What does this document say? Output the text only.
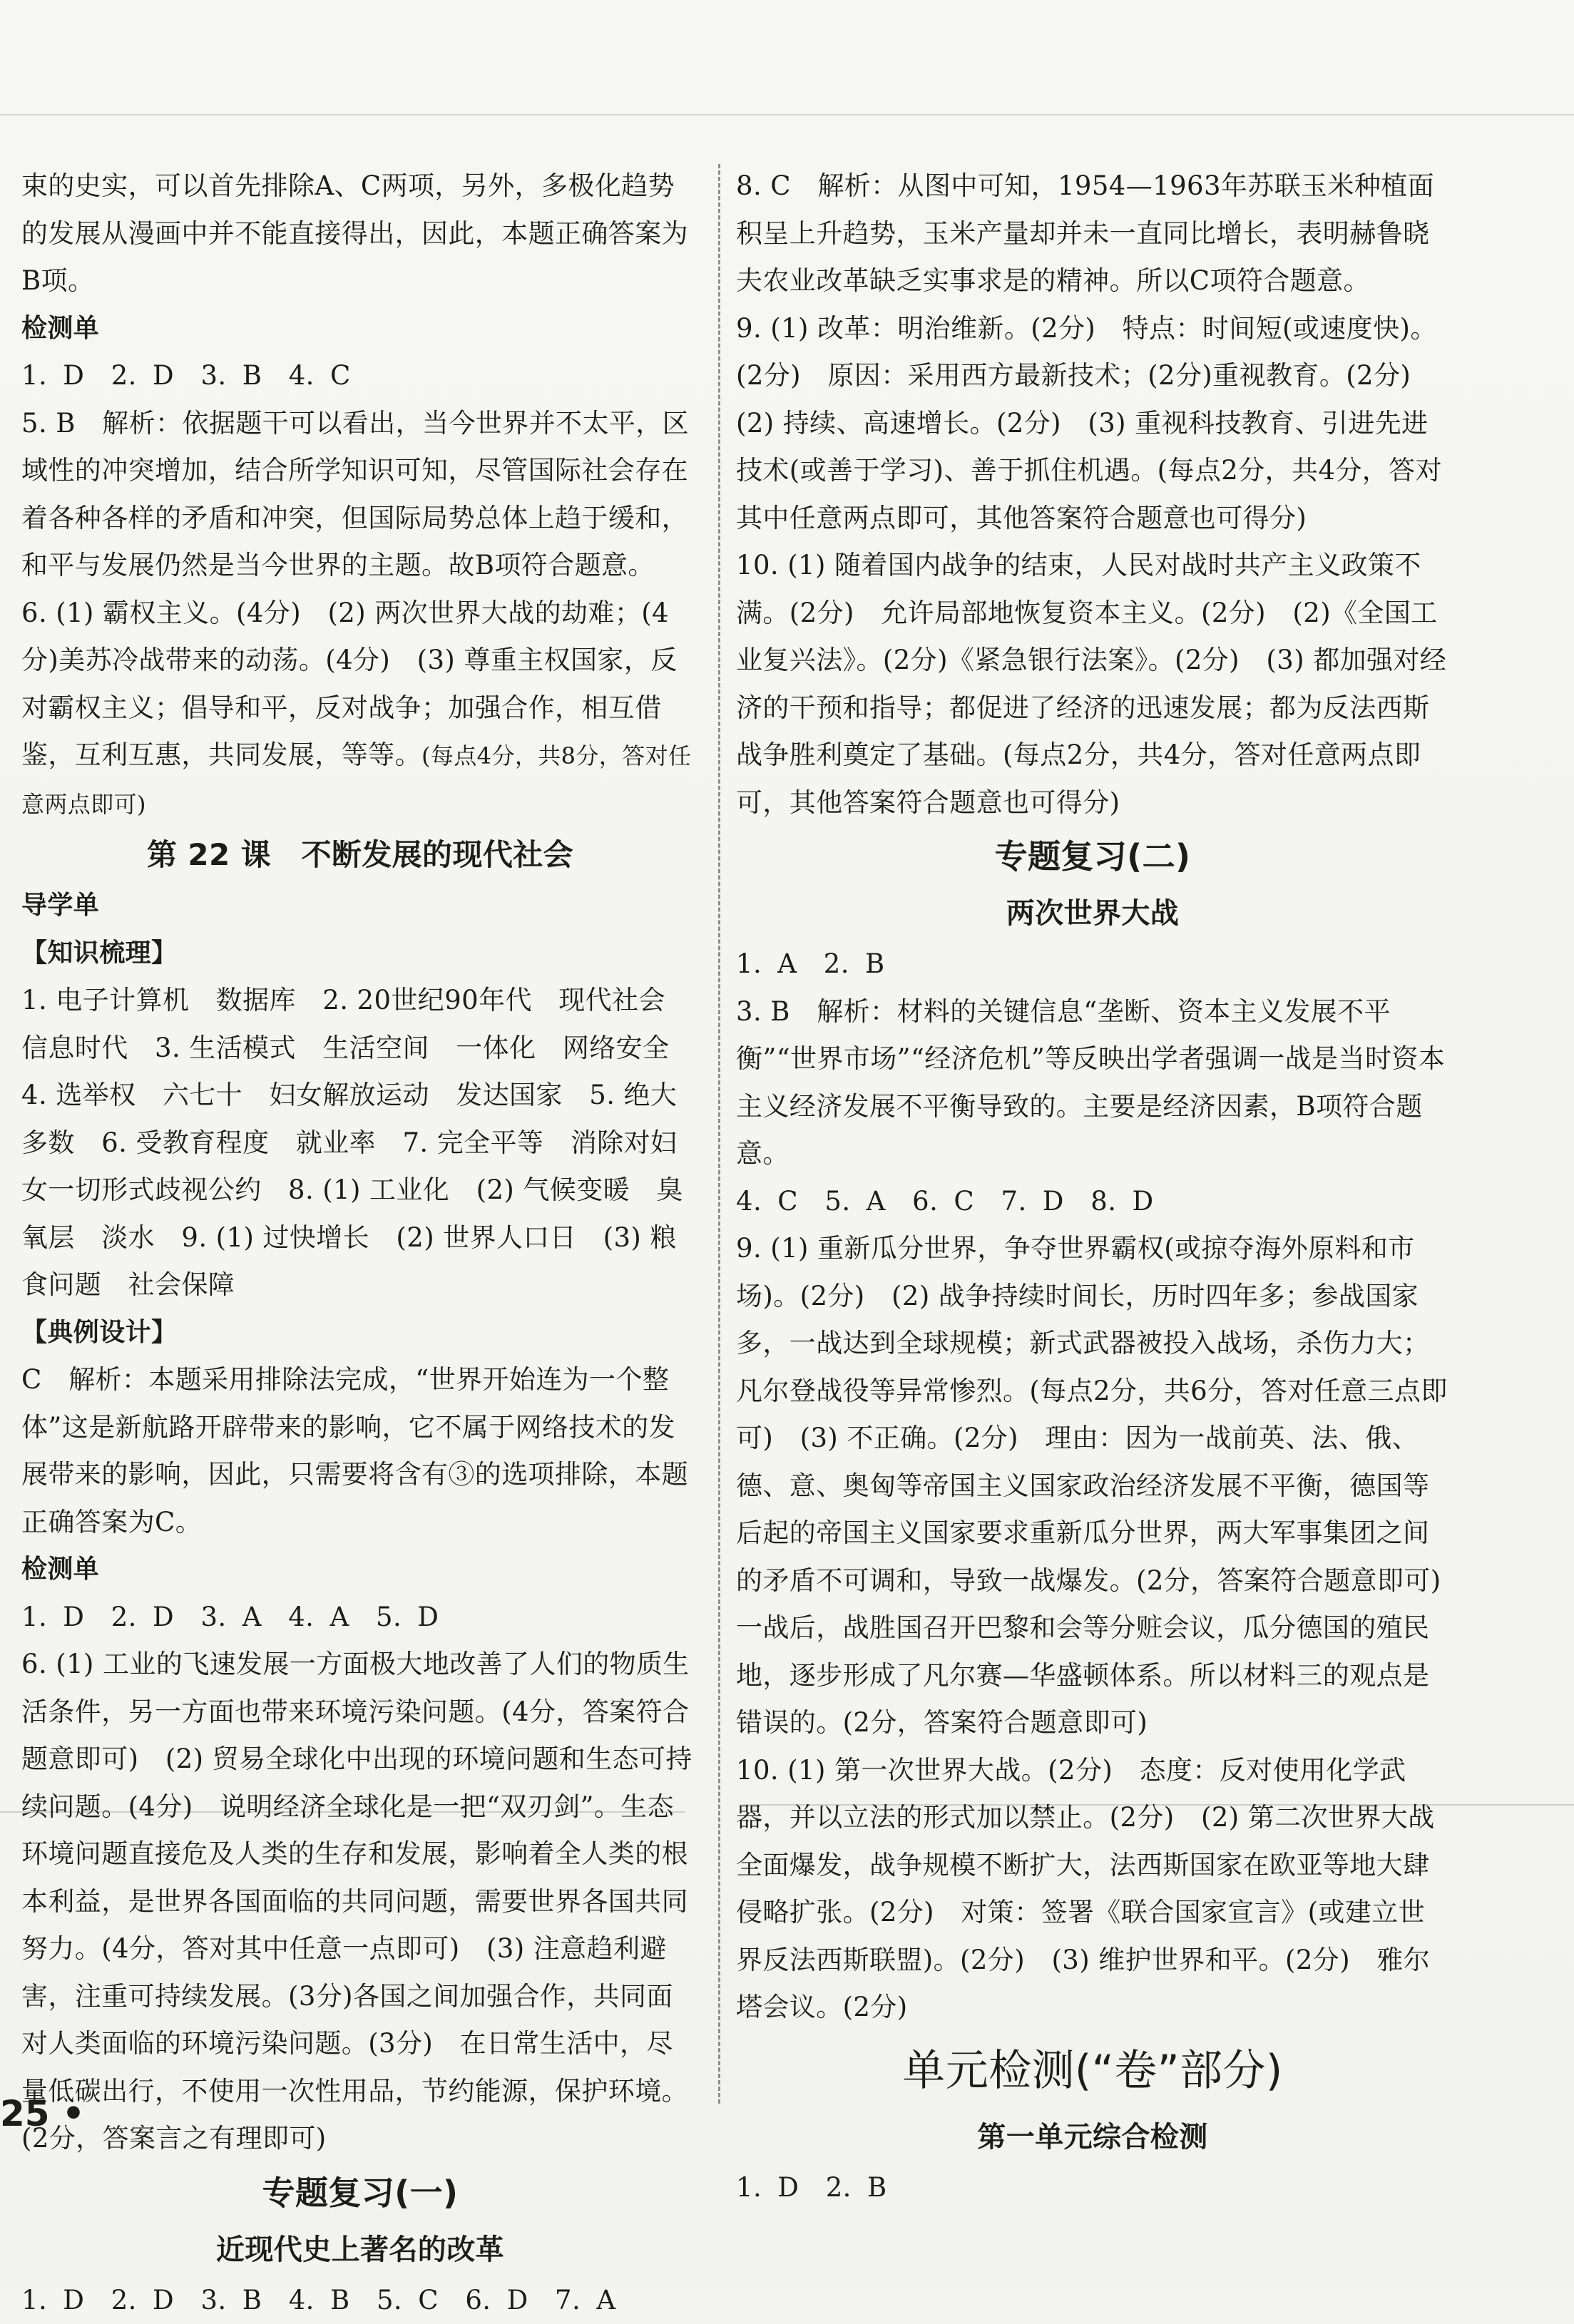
束的史实，可以首先排除A、C两项，另外，多极化趋势的发展从漫画中并不能直接得出，因此，本题正确答案为B项。

检测单

1. D　2. D　3. B　4. C

5. B　解析：依据题干可以看出，当今世界并不太平，区域性的冲突增加，结合所学知识可知，尽管国际社会存在着各种各样的矛盾和冲突，但国际局势总体上趋于缓和，和平与发展仍然是当今世界的主题。故B项符合题意。

6. (1) 霸权主义。(4分)　(2) 两次世界大战的劫难；(4分)美苏冷战带来的动荡。(4分)　(3) 尊重主权国家，反对霸权主义；倡导和平，反对战争；加强合作，相互借鉴，互利互惠，共同发展，等等。(每点4分，共8分，答对任意两点即可)

第 22 课　不断发展的现代社会

导学单

【知识梳理】

1. 电子计算机　数据库　2. 20世纪90年代　现代社会　信息时代　3. 生活模式　生活空间　一体化　网络安全　4. 选举权　六七十　妇女解放运动　发达国家　5. 绝大多数　6. 受教育程度　就业率　7. 完全平等　消除对妇女一切形式歧视公约　8. (1) 工业化　(2) 气候变暖　臭氧层　淡水　9. (1) 过快增长　(2) 世界人口日　(3) 粮食问题　社会保障

【典例设计】

C　解析：本题采用排除法完成，“世界开始连为一个整体”这是新航路开辟带来的影响，它不属于网络技术的发展带来的影响，因此，只需要将含有③的选项排除，本题正确答案为C。

检测单

1. D　2. D　3. A　4. A　5. D

6. (1) 工业的飞速发展一方面极大地改善了人们的物质生活条件，另一方面也带来环境污染问题。(4分，答案符合题意即可)　(2) 贸易全球化中出现的环境问题和生态可持续问题。(4分)　说明经济全球化是一把“双刃剑”。生态环境问题直接危及人类的生存和发展，影响着全人类的根本利益，是世界各国面临的共同问题，需要世界各国共同努力。(4分，答对其中任意一点即可)　(3) 注意趋利避害，注重可持续发展。(3分)各国之间加强合作，共同面对人类面临的环境污染问题。(3分)　在日常生活中，尽量低碳出行，不使用一次性用品，节约能源，保护环境。(2分，答案言之有理即可)

专题复习(一)

近现代史上著名的改革

1. D　2. D　3. B　4. B　5. C　6. D　7. A

8. C　解析：从图中可知，1954—1963年苏联玉米种植面积呈上升趋势，玉米产量却并未一直同比增长，表明赫鲁晓夫农业改革缺乏实事求是的精神。所以C项符合题意。

9. (1) 改革：明治维新。(2分)　特点：时间短(或速度快)。(2分)　原因：采用西方最新技术；(2分)重视教育。(2分)　(2) 持续、高速增长。(2分)　(3) 重视科技教育、引进先进技术(或善于学习)、善于抓住机遇。(每点2分，共4分，答对其中任意两点即可，其他答案符合题意也可得分)

10. (1) 随着国内战争的结束，人民对战时共产主义政策不满。(2分)　允许局部地恢复资本主义。(2分)　(2)《全国工业复兴法》。(2分)《紧急银行法案》。(2分)　(3) 都加强对经济的干预和指导；都促进了经济的迅速发展；都为反法西斯战争胜利奠定了基础。(每点2分，共4分，答对任意两点即可，其他答案符合题意也可得分)

专题复习(二)

两次世界大战

1. A　2. B

3. B　解析：材料的关键信息“垄断、资本主义发展不平衡”“世界市场”“经济危机”等反映出学者强调一战是当时资本主义经济发展不平衡导致的。主要是经济因素，B项符合题意。

4. C　5. A　6. C　7. D　8. D

9. (1) 重新瓜分世界，争夺世界霸权(或掠夺海外原料和市场)。(2分)　(2) 战争持续时间长，历时四年多；参战国家多，一战达到全球规模；新式武器被投入战场，杀伤力大；凡尔登战役等异常惨烈。(每点2分，共6分，答对任意三点即可)　(3) 不正确。(2分)　理由：因为一战前英、法、俄、德、意、奥匈等帝国主义国家政治经济发展不平衡，德国等后起的帝国主义国家要求重新瓜分世界，两大军事集团之间的矛盾不可调和，导致一战爆发。(2分，答案符合题意即可)一战后，战胜国召开巴黎和会等分赃会议，瓜分德国的殖民地，逐步形成了凡尔赛—华盛顿体系。所以材料三的观点是错误的。(2分，答案符合题意即可)

10. (1) 第一次世界大战。(2分)　态度：反对使用化学武器，并以立法的形式加以禁止。(2分)　(2) 第二次世界大战全面爆发，战争规模不断扩大，法西斯国家在欧亚等地大肆侵略扩张。(2分)　对策：签署《联合国家宣言》(或建立世界反法西斯联盟)。(2分)　(3) 维护世界和平。(2分)　雅尔塔会议。(2分)

单元检测(“卷”部分)

第一单元综合检测

1. D　2. B

25 •
